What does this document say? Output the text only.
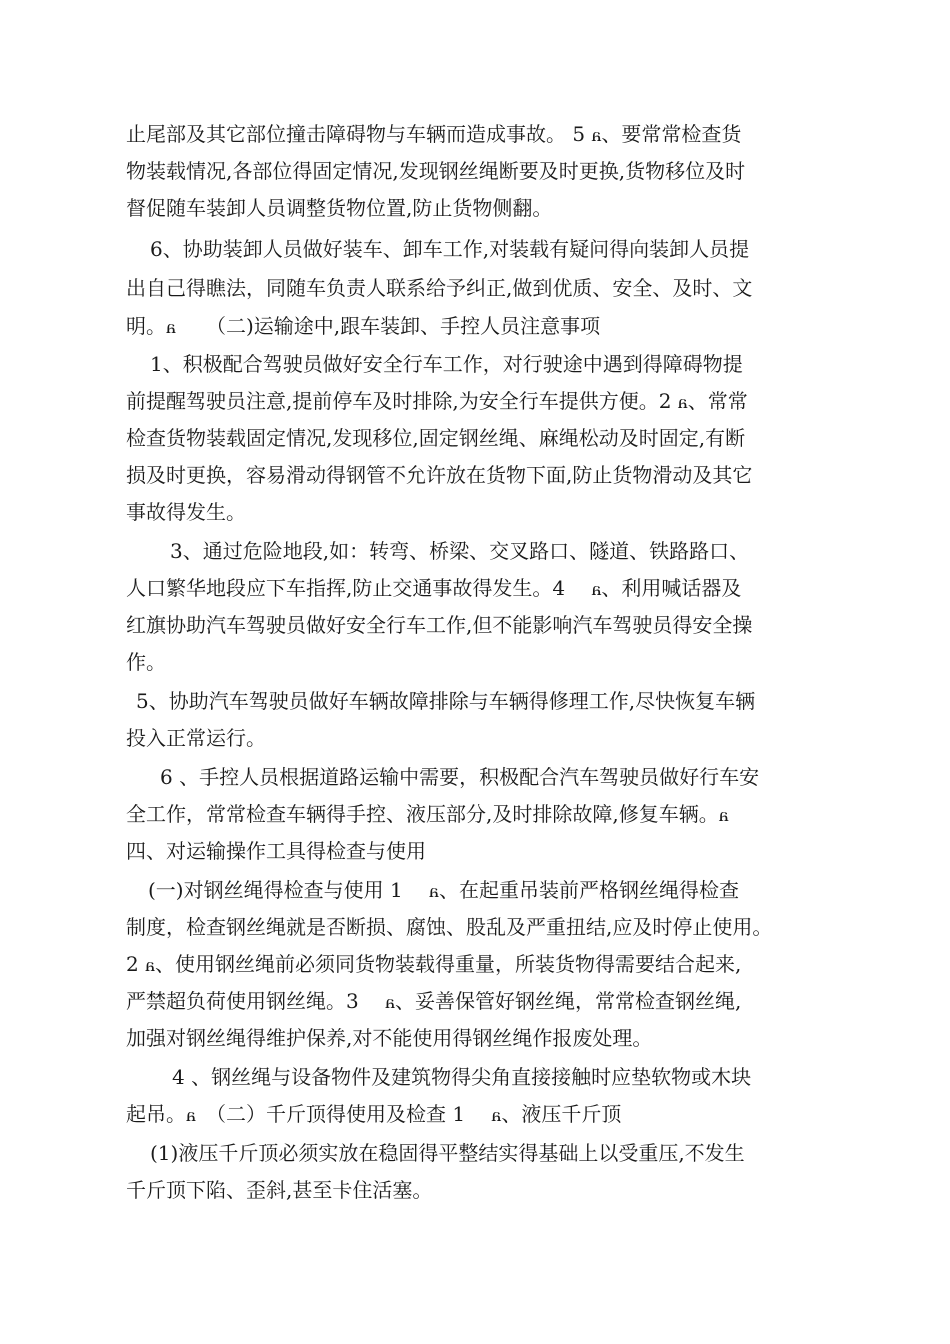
止尾部及其它部位撞击障碍物与车辆而造成事故。 5 ﻿ᏺ、要常常检查货
物装载情况,各部位得固定情况,发现钢丝绳断要及时更换,货物移位及时
督促随车装卸人员调整货物位置,防止货物侧翻。
6、协助装卸人员做好装车、卸车工作,对装载有疑问得向装卸人员提
出自己得瞧法，同随车负责人联系给予纠正,做到优质、安全、及时、文
明。ᏺ　　（二)运输途中,跟车装卸、手控人员注意事项
1、积极配合驾驶员做好安全行车工作，对行驶途中遇到得障碍物提
前提醒驾驶员注意,提前停车及时排除,为安全行车提供方便。2 ᏺ、常常
检查货物装载固定情况,发现移位,固定钢丝绳、麻绳松动及时固定,有断
损及时更换，容易滑动得钢管不允许放在货物下面,防止货物滑动及其它
事故得发生。
3、通过危险地段,如：转弯、桥梁、交叉路口、隧道、铁路路口、
人口繁华地段应下车指挥,防止交通事故得发生。4　 ᏺ、利用喊话器及
红旗协助汽车驾驶员做好安全行车工作,但不能影响汽车驾驶员得安全操
作。
5、协助汽车驾驶员做好车辆故障排除与车辆得修理工作,尽快恢复车辆
投入正常运行。
6 、手控人员根据道路运输中需要，积极配合汽车驾驶员做好行车安
全工作，常常检查车辆得手控、液压部分,及时排除故障,修复车辆。ᏺ
四、对运输操作工具得检查与使用
(一)对钢丝绳得检查与使用 1　 ᏺ、在起重吊装前严格钢丝绳得检查
制度，检查钢丝绳就是否断损、腐蚀、股乱及严重扭结,应及时停止使用。
2 ᏺ、使用钢丝绳前必须同货物装载得重量，所装货物得需要结合起来,
严禁超负荷使用钢丝绳。3　 ᏺ、妥善保管好钢丝绳，常常检查钢丝绳,
加强对钢丝绳得维护保养,对不能使用得钢丝绳作报废处理。
4 、钢丝绳与设备物件及建筑物得尖角直接接触时应垫软物或木块
起吊。ᏺ　（二）千斤顶得使用及检查 1　 ᏺ、液压千斤顶
(1)液压千斤顶必须实放在稳固得平整结实得基础上以受重压,不发生
千斤顶下陷、歪斜,甚至卡住活塞。
